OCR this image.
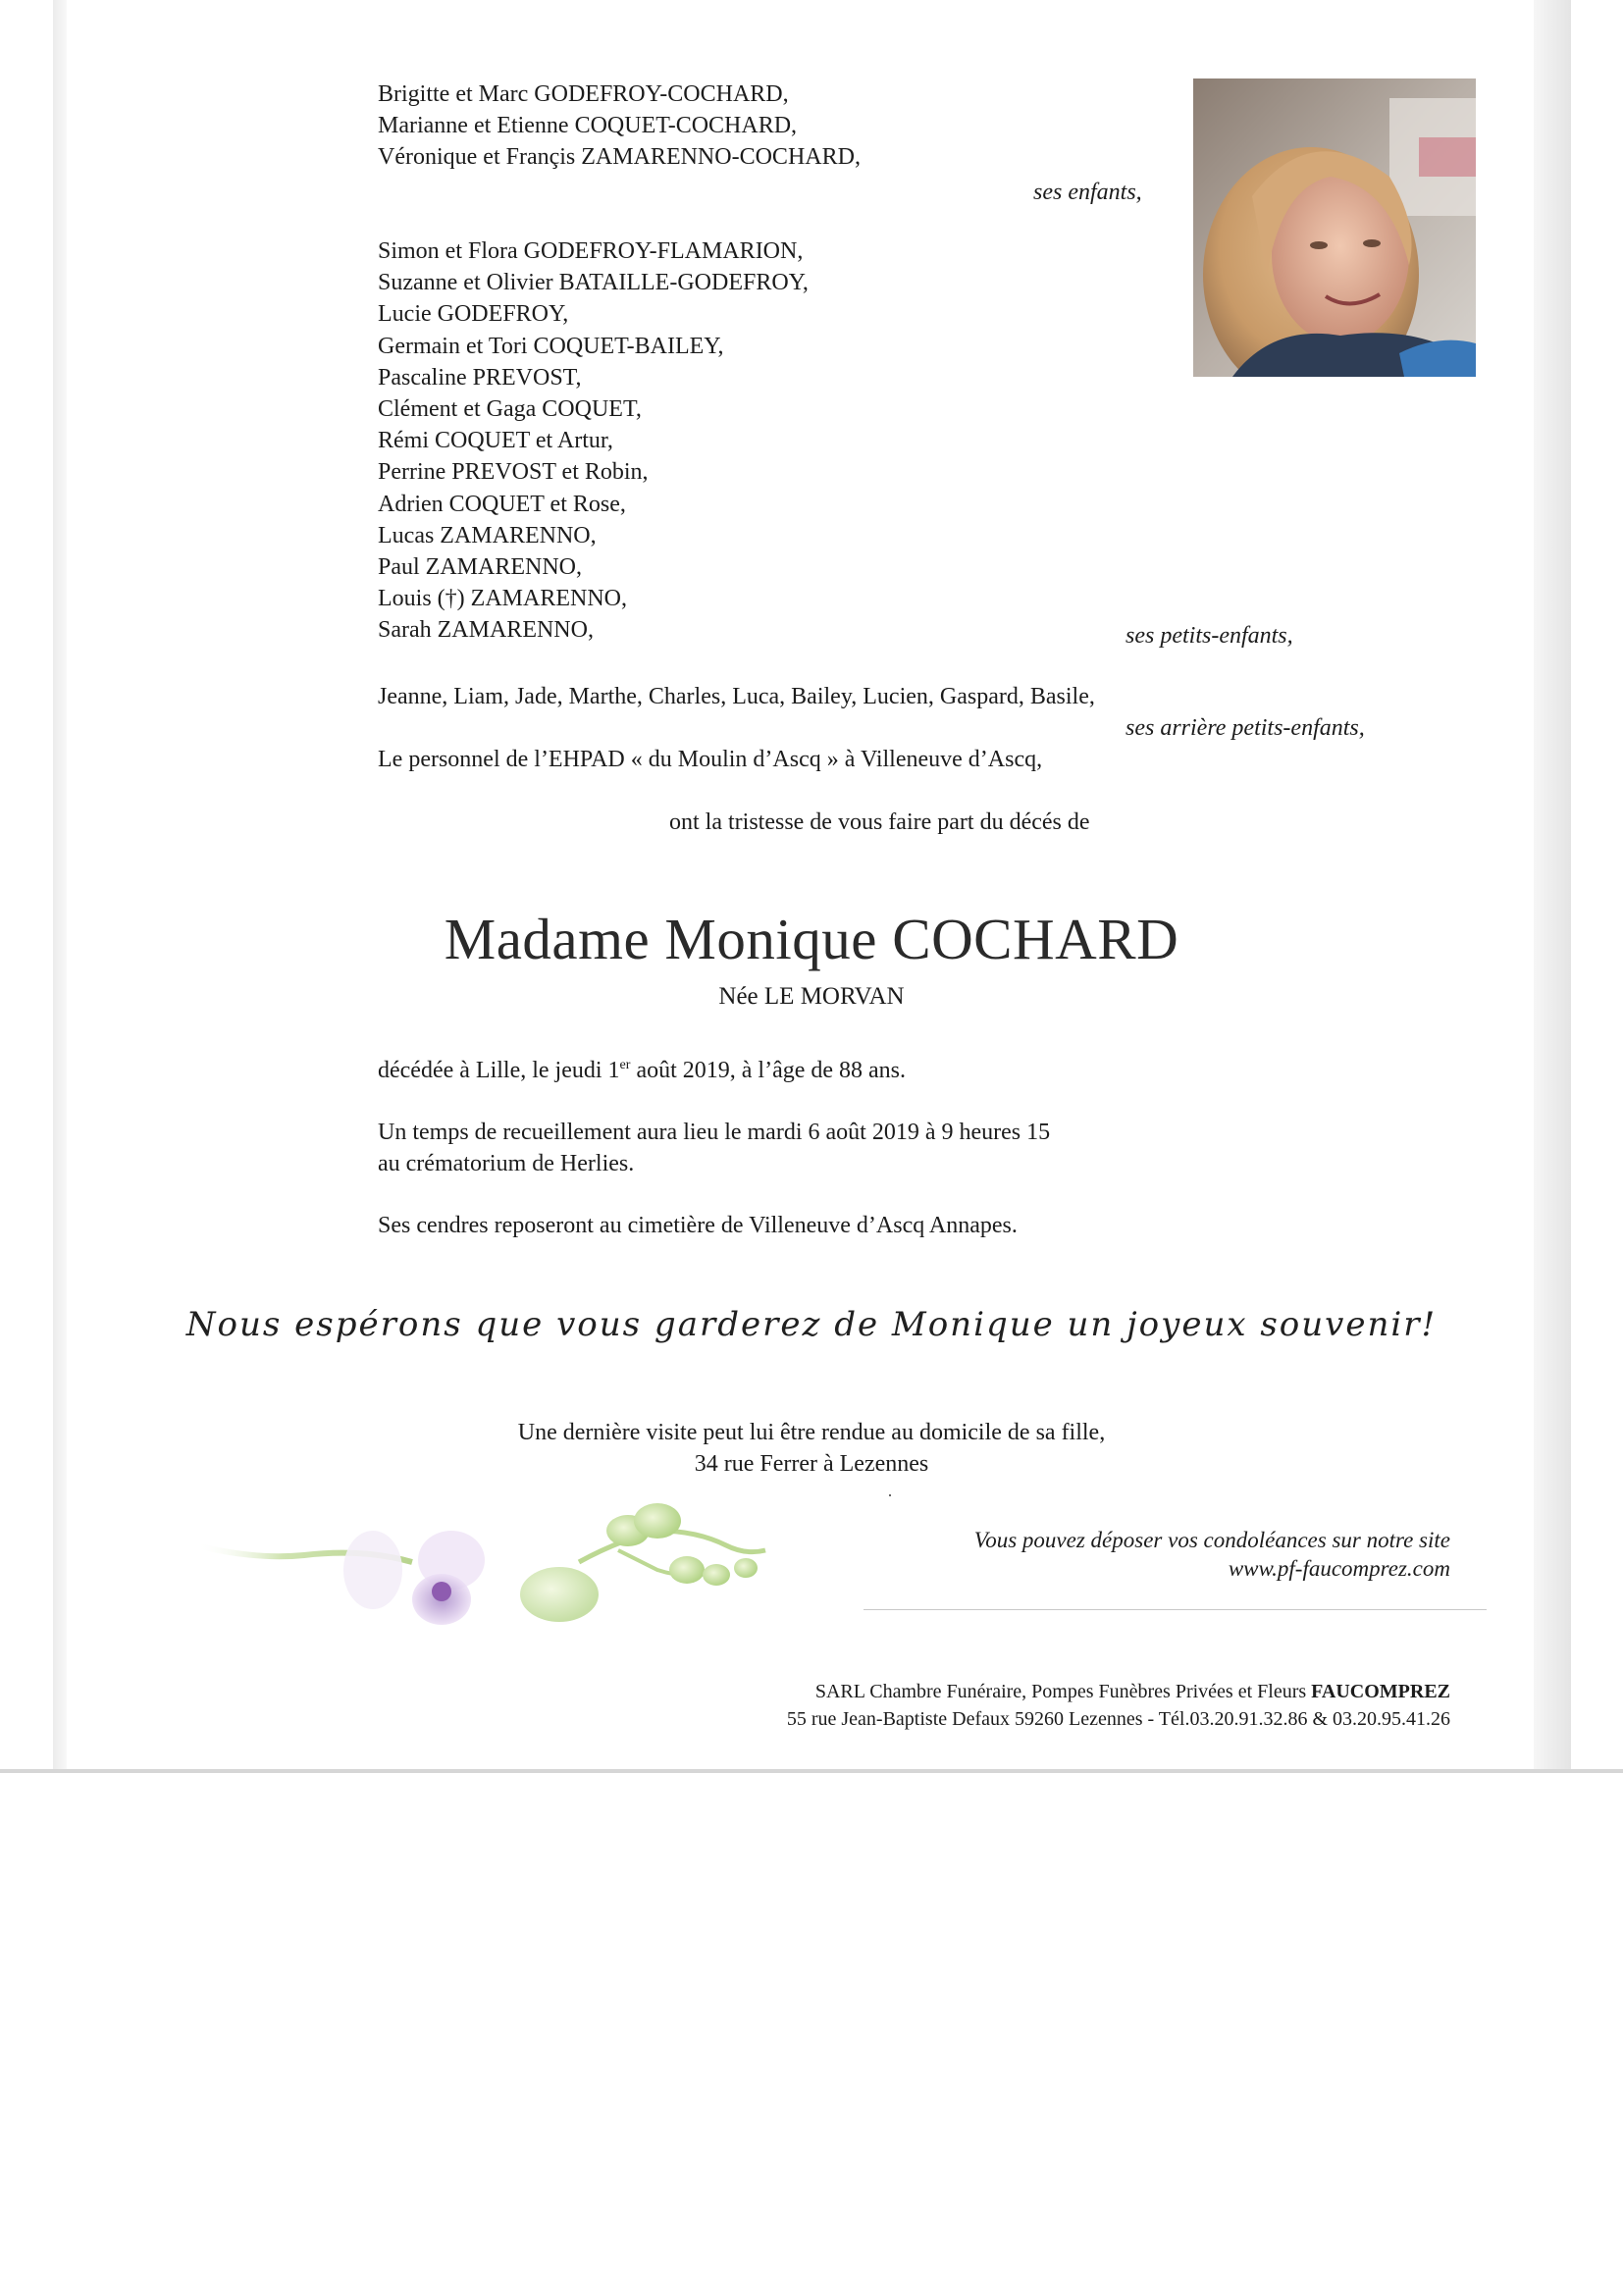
Brigitte et Marc GODEFROY-COCHARD,
Marianne et Etienne COQUET-COCHARD,
Véronique et Françis ZAMARENNO-COCHARD,
ses enfants,
Simon et Flora GODEFROY-FLAMARION,
Suzanne et Olivier BATAILLE-GODEFROY,
Lucie GODEFROY,
Germain et Tori COQUET-BAILEY,
Pascaline PREVOST,
Clément et Gaga COQUET,
Rémi COQUET et Artur,
Perrine PREVOST et Robin,
Adrien COQUET et Rose,
Lucas ZAMARENNO,
Paul ZAMARENNO,
Louis (†) ZAMARENNO,
Sarah ZAMARENNO,	ses petits-enfants,
Jeanne, Liam, Jade, Marthe, Charles, Luca, Bailey, Lucien, Gaspard, Basile,
ses arrière petits-enfants,
Le personnel de l’EHPAD « du Moulin d’Ascq » à Villeneuve d’Ascq,
ont la tristesse de vous faire part du décés de
Madame Monique COCHARD
Née LE MORVAN
décédée à Lille, le jeudi 1er août 2019, à l’âge de 88 ans.
Un temps de recueillement aura lieu le mardi 6 août 2019 à 9 heures 15
au crématorium de Herlies.
Ses cendres reposeront au cimetière de Villeneuve d’Ascq Annapes.
Nous espérons que vous garderez de Monique un joyeux souvenir!
Une dernière visite peut lui être rendue au domicile de sa fille,
34 rue Ferrer à Lezennes
Vous pouvez déposer vos condoléances sur notre site
www.pf-faucomprez.com
SARL Chambre Funéraire, Pompes Funèbres Privées et Fleurs FAUCOMPREZ
55 rue Jean-Baptiste Defaux 59260 Lezennes - Tél.03.20.91.32.86 & 03.20.95.41.26
